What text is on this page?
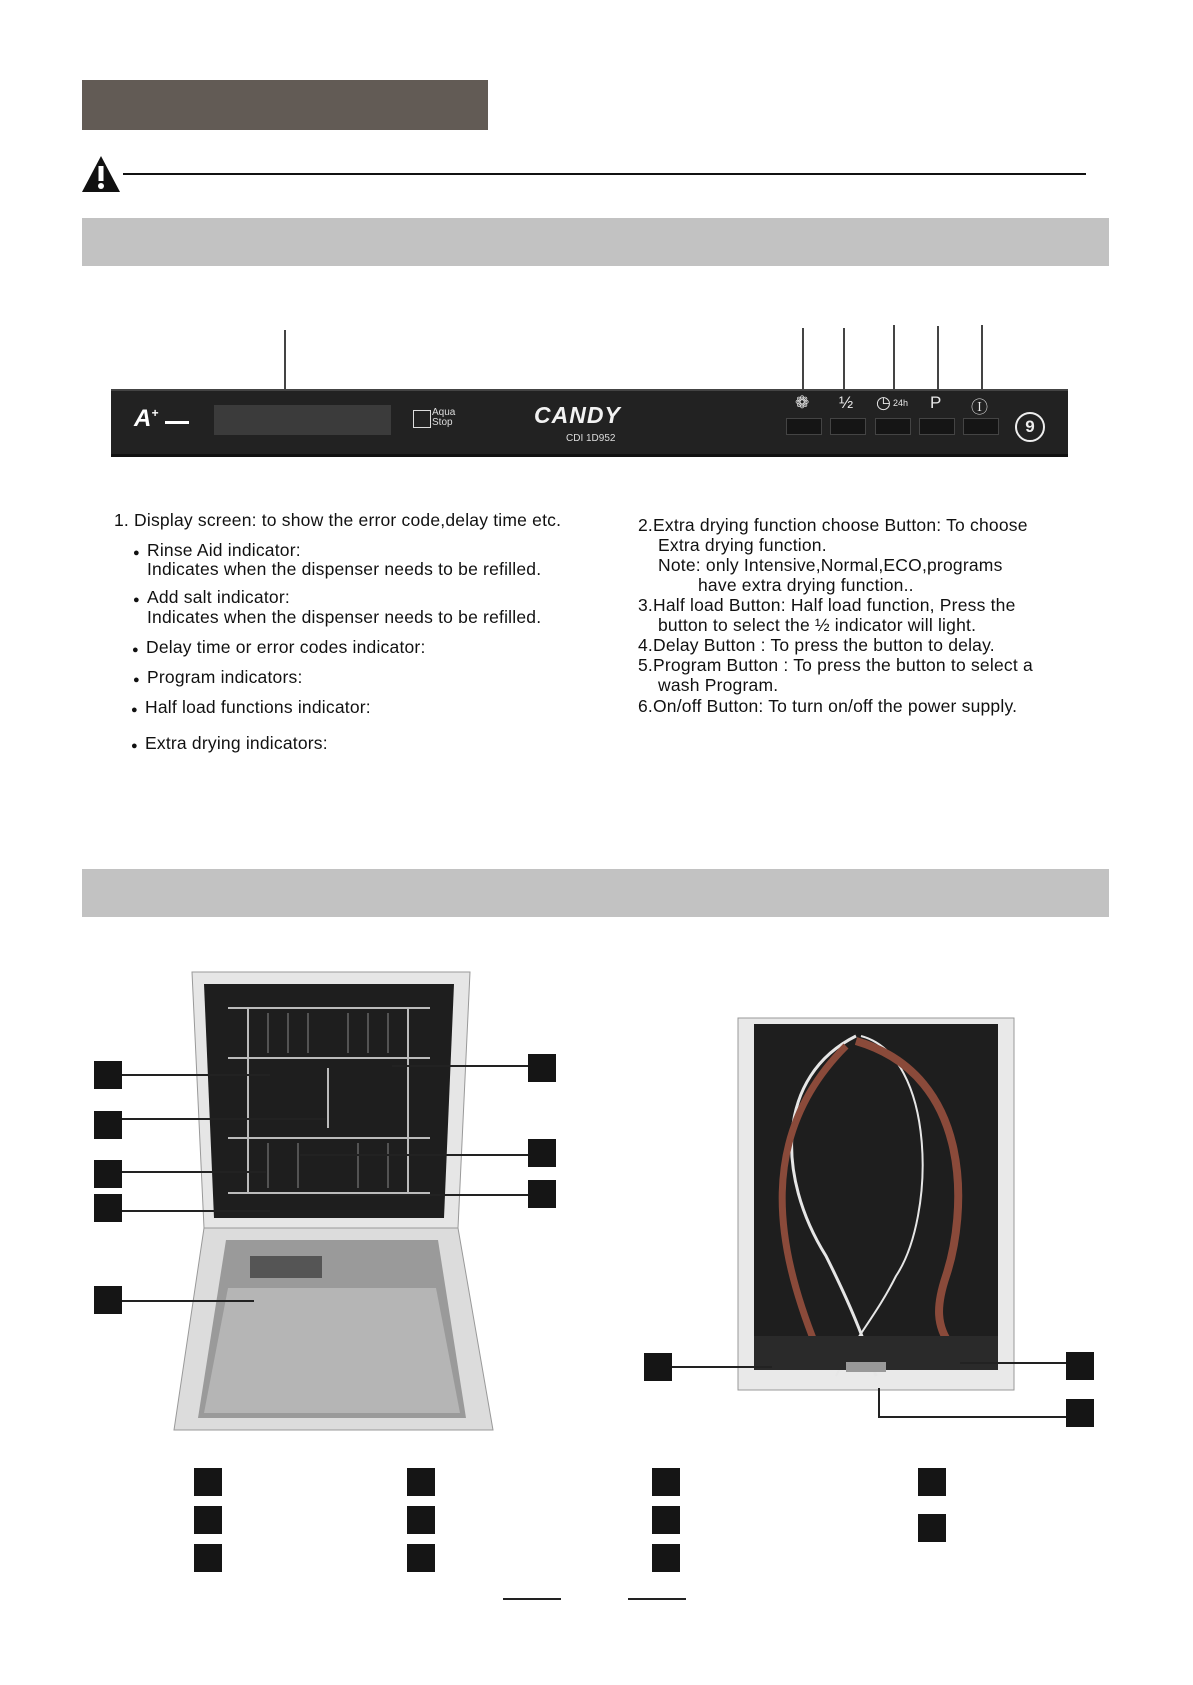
A+	Aqua Stop	CANDY
CDI 1D952
❁ ½ ◷ 24h P Ⓘ
9
1. Display screen: to show the error code,delay time etc.
● Rinse Aid indicator:
Indicates when the dispenser needs to be refilled.
● Add salt indicator:
Indicates when the dispenser needs to be refilled.
● Delay time or error codes indicator:
● Program indicators:
● Half load functions indicator:
● Extra drying indicators:
2.Extra drying function choose Button: To choose
Extra drying function.
Note: only Intensive,Normal,ECO,programs
have extra drying function..
3.Half load Button: Half load function, Press the
button to select the ½ indicator will light.
4.Delay Button : To press the button to delay.
5.Program Button : To press the button to select a
wash Program.
6.On/off Button: To turn on/off the power supply.
